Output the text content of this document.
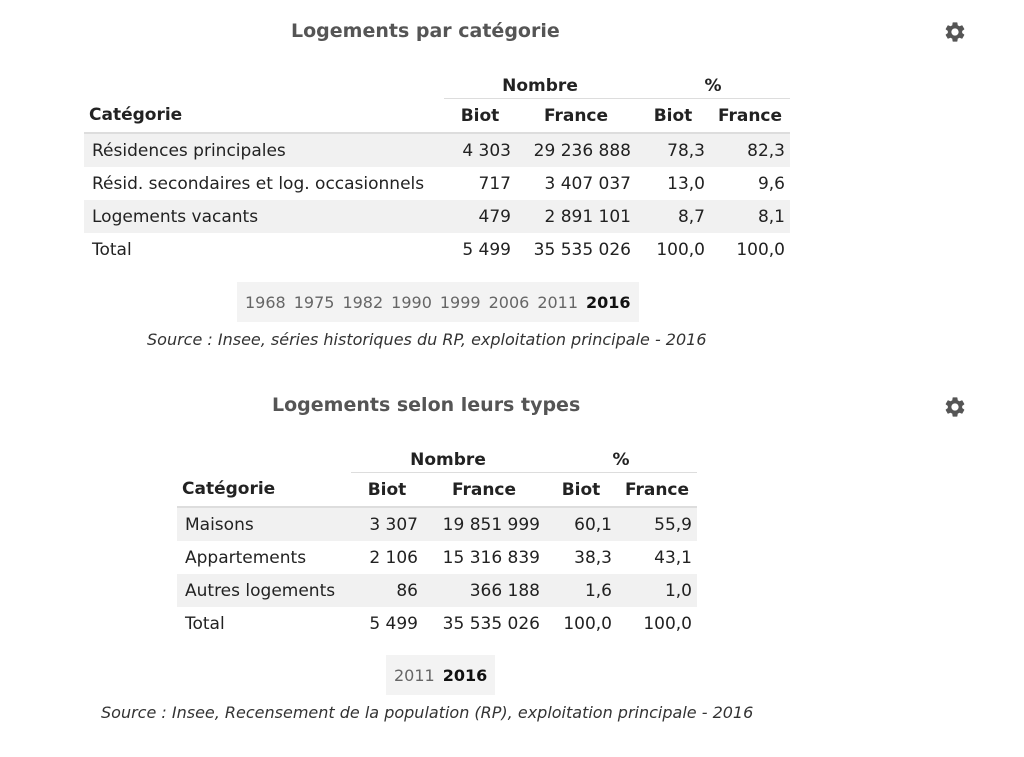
Logements par catégorie
	Nombre		%	
Catégorie	Biot	France	Biot	France
Résidences principales	4 303	29 236 888	78,3	82,3
Résid. secondaires et log. occasionnels	717	3 407 037	13,0	9,6
Logements vacants	479	2 891 101	8,7	8,1
Total	5 499	35 535 026	100,0	100,0
1968 1975 1982 1990 1999 2006 2011 2016

Source : Insee, séries historiques du RP, exploitation principale - 2016

Logements selon leurs types
	Nombre		%	
Catégorie	Biot	France	Biot	France
Maisons	3 307	19 851 999	60,1	55,9
Appartements	2 106	15 316 839	38,3	43,1
Autres logements	86	366 188	1,6	1,0
Total	5 499	35 535 026	100,0	100,0
2011 2016

Source : Insee, Recensement de la population (RP), exploitation principale - 2016
